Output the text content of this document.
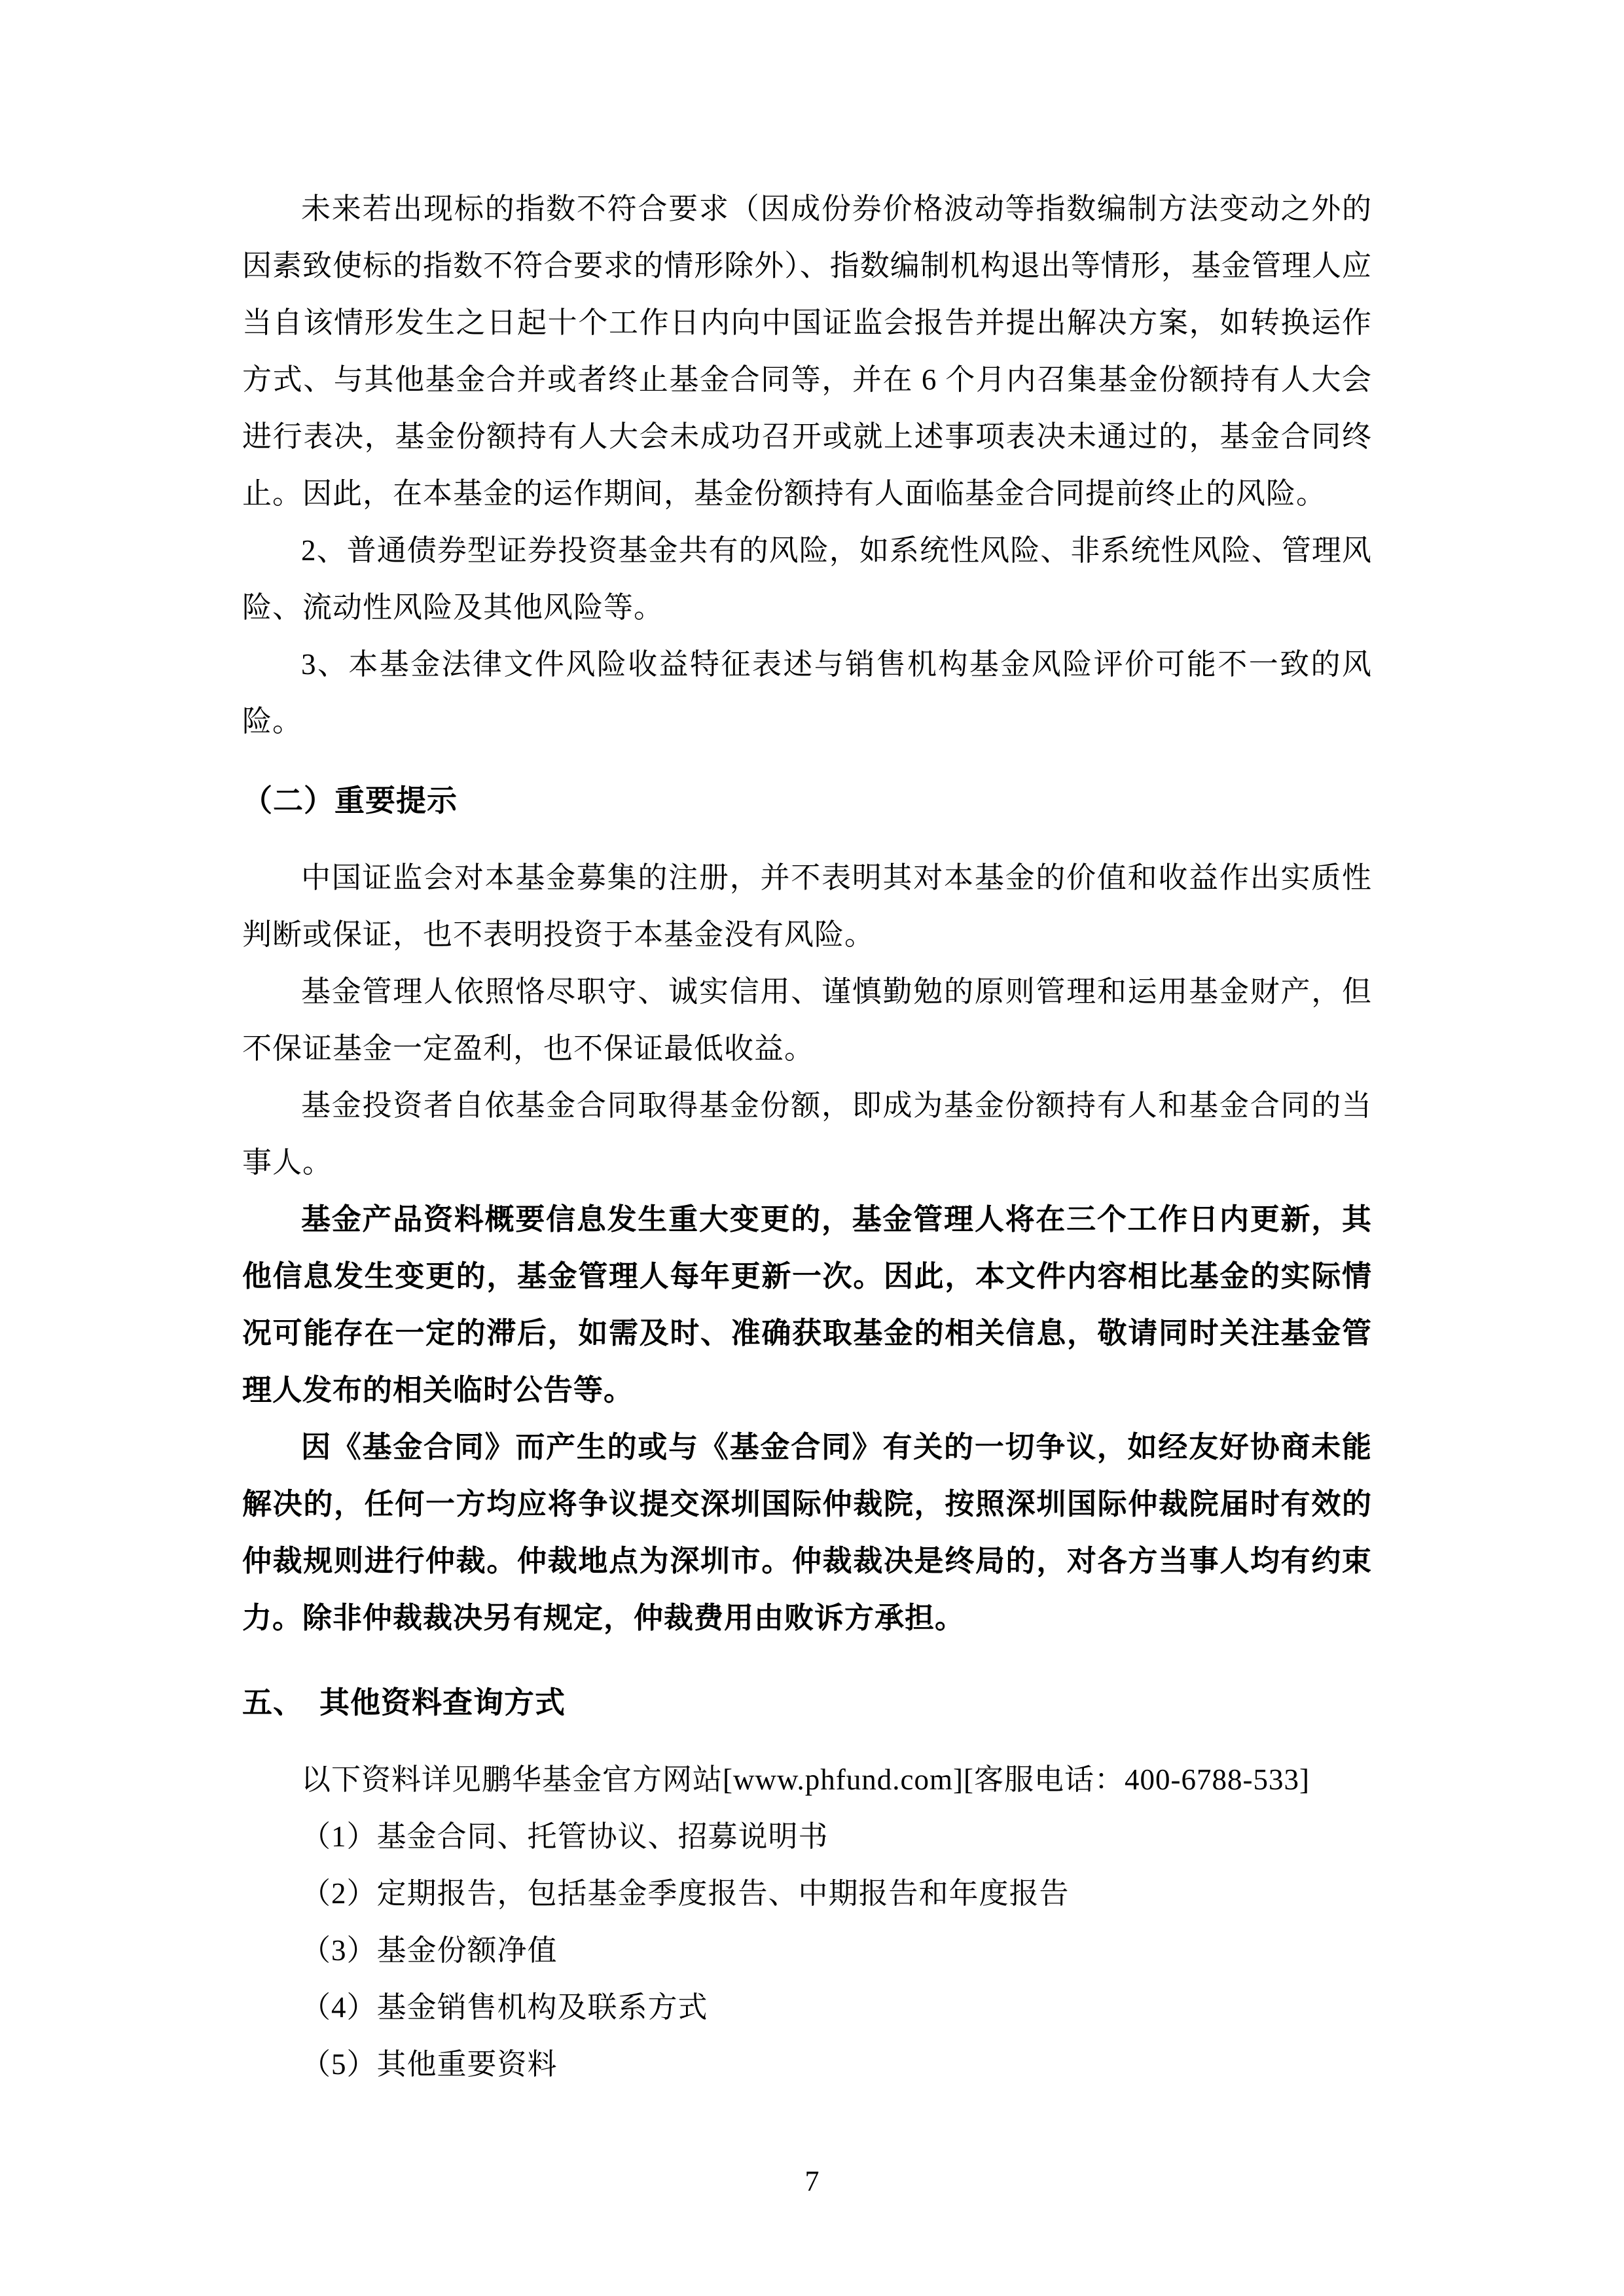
未来若出现标的指数不符合要求（因成份券价格波动等指数编制方法变动之外的因素致使标的指数不符合要求的情形除外）、指数编制机构退出等情形，基金管理人应当自该情形发生之日起十个工作日内向中国证监会报告并提出解决方案，如转换运作方式、与其他基金合并或者终止基金合同等，并在 6 个月内召集基金份额持有人大会进行表决，基金份额持有人大会未成功召开或就上述事项表决未通过的，基金合同终止。因此，在本基金的运作期间，基金份额持有人面临基金合同提前终止的风险。

2、普通债券型证券投资基金共有的风险，如系统性风险、非系统性风险、管理风险、流动性风险及其他风险等。

3、本基金法律文件风险收益特征表述与销售机构基金风险评价可能不一致的风险。

（二）重要提示

中国证监会对本基金募集的注册，并不表明其对本基金的价值和收益作出实质性判断或保证，也不表明投资于本基金没有风险。

基金管理人依照恪尽职守、诚实信用、谨慎勤勉的原则管理和运用基金财产，但不保证基金一定盈利，也不保证最低收益。

基金投资者自依基金合同取得基金份额，即成为基金份额持有人和基金合同的当事人。

基金产品资料概要信息发生重大变更的，基金管理人将在三个工作日内更新，其他信息发生变更的，基金管理人每年更新一次。因此，本文件内容相比基金的实际情况可能存在一定的滞后，如需及时、准确获取基金的相关信息，敬请同时关注基金管理人发布的相关临时公告等。

因《基金合同》而产生的或与《基金合同》有关的一切争议，如经友好协商未能解决的，任何一方均应将争议提交深圳国际仲裁院，按照深圳国际仲裁院届时有效的仲裁规则进行仲裁。仲裁地点为深圳市。仲裁裁决是终局的，对各方当事人均有约束力。除非仲裁裁决另有规定，仲裁费用由败诉方承担。

五、　其他资料查询方式

以下资料详见鹏华基金官方网站[www.phfund.com][客服电话：400-6788-533]

（1）基金合同、托管协议、招募说明书

（2）定期报告，包括基金季度报告、中期报告和年度报告

（3）基金份额净值

（4）基金销售机构及联系方式

（5）其他重要资料

7
